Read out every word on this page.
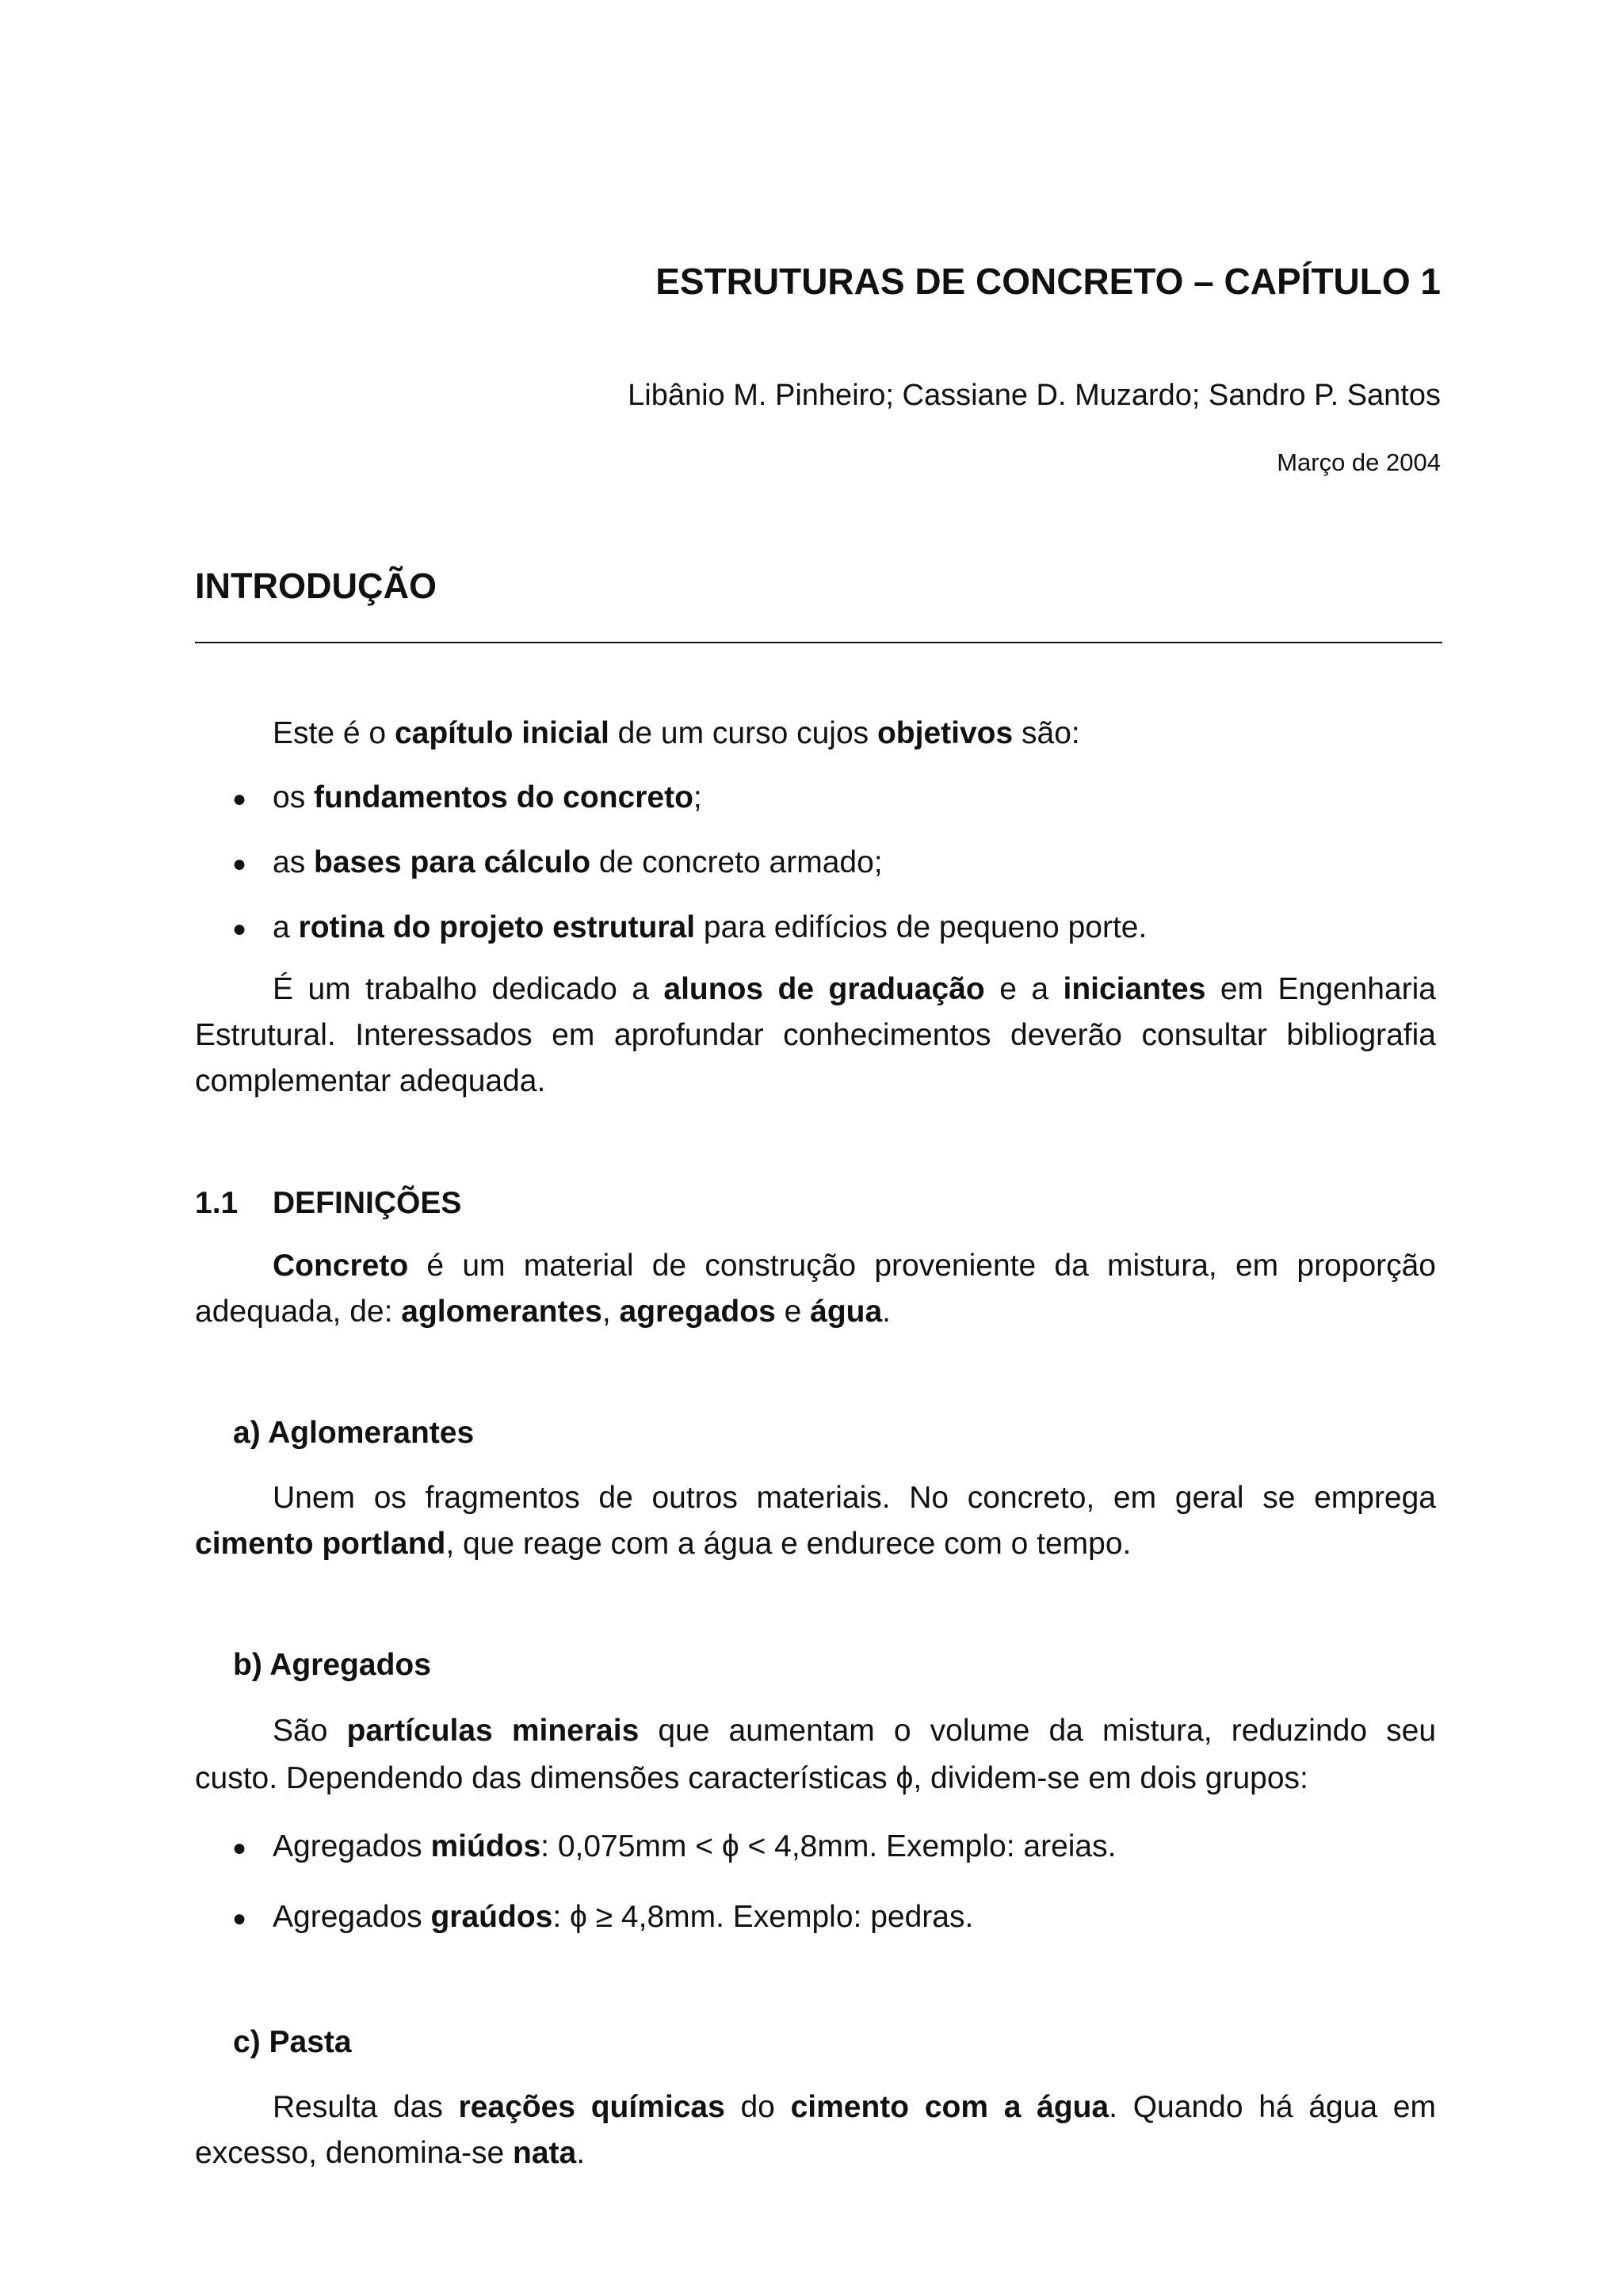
ESTRUTURAS DE CONCRETO – CAPÍTULO 1
Libânio M. Pinheiro; Cassiane D. Muzardo; Sandro P. Santos
Março de 2004
INTRODUÇÃO
Este é o capítulo inicial de um curso cujos objetivos são:
● os fundamentos do concreto;
● as bases para cálculo de concreto armado;
● a rotina do projeto estrutural para edifícios de pequeno porte.
É um trabalho dedicado a alunos de graduação e a iniciantes em Engenharia
Estrutural. Interessados em aprofundar conhecimentos deverão consultar bibliografia
complementar adequada.
1.1 DEFINIÇÕES
Concreto é um material de construção proveniente da mistura, em proporção
adequada, de: aglomerantes, agregados e água.
a) Aglomerantes
Unem os fragmentos de outros materiais. No concreto, em geral se emprega
cimento portland, que reage com a água e endurece com o tempo.
b) Agregados
São partículas minerais que aumentam o volume da mistura, reduzindo seu
custo. Dependendo das dimensões características ϕ, dividem-se em dois grupos:
● Agregados miúdos: 0,075mm < ϕ < 4,8mm. Exemplo: areias.
● Agregados graúdos: ϕ ≥ 4,8mm. Exemplo: pedras.
c) Pasta
Resulta das reações químicas do cimento com a água. Quando há água em
excesso, denomina-se nata.
